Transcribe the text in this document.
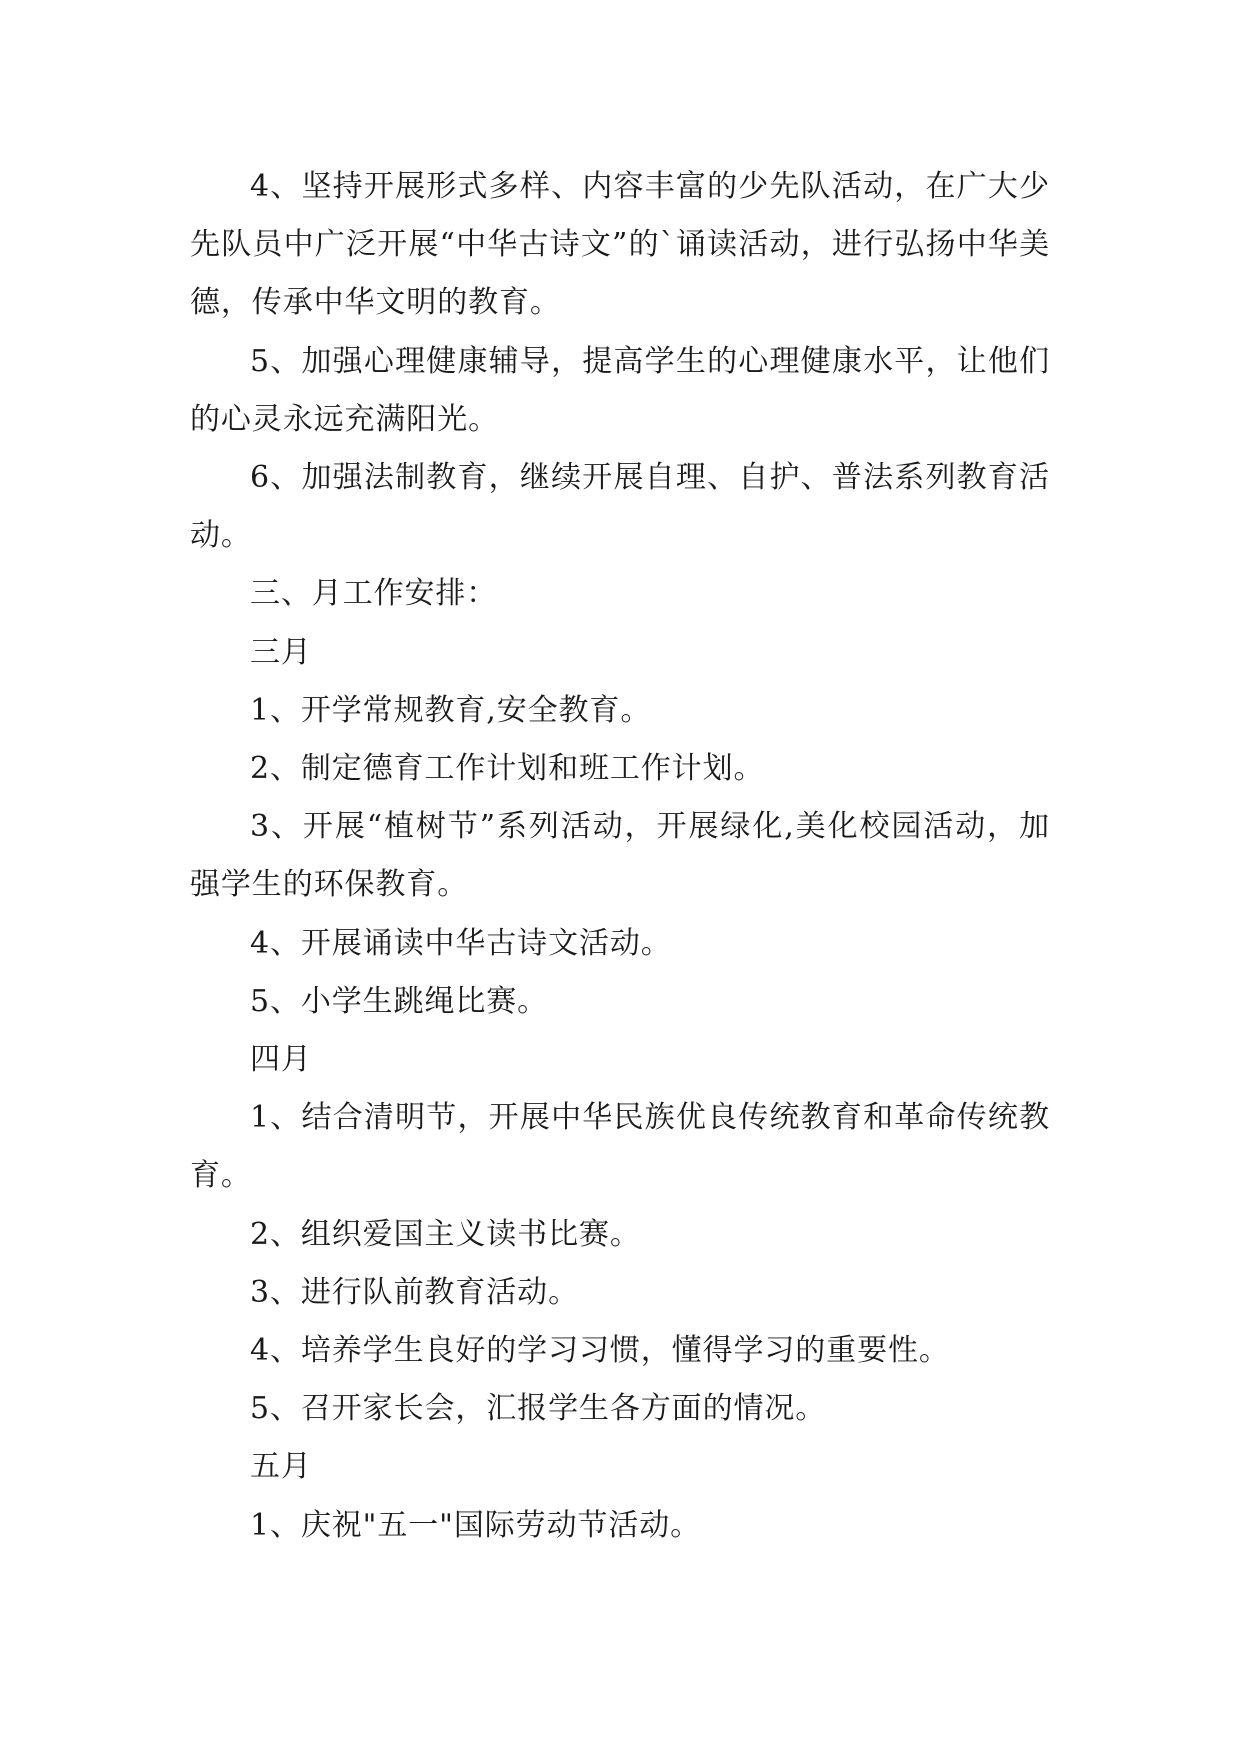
4、坚持开展形式多样、内容丰富的少先队活动，在广大少先队员中广泛开展“中华古诗文”的`诵读活动，进行弘扬中华美德，传承中华文明的教育。

5、加强心理健康辅导，提高学生的心理健康水平，让他们的心灵永远充满阳光。

6、加强法制教育，继续开展自理、自护、普法系列教育活动。

三、月工作安排：

三月

1、开学常规教育,安全教育。

2、制定德育工作计划和班工作计划。

3、开展“植树节”系列活动，开展绿化,美化校园活动，加强学生的环保教育。

4、开展诵读中华古诗文活动。

5、小学生跳绳比赛。

四月

1、结合清明节，开展中华民族优良传统教育和革命传统教育。

2、组织爱国主义读书比赛。

3、进行队前教育活动。

4、培养学生良好的学习习惯，懂得学习的重要性。

5、召开家长会，汇报学生各方面的情况。

五月

1、庆祝"五一"国际劳动节活动。
